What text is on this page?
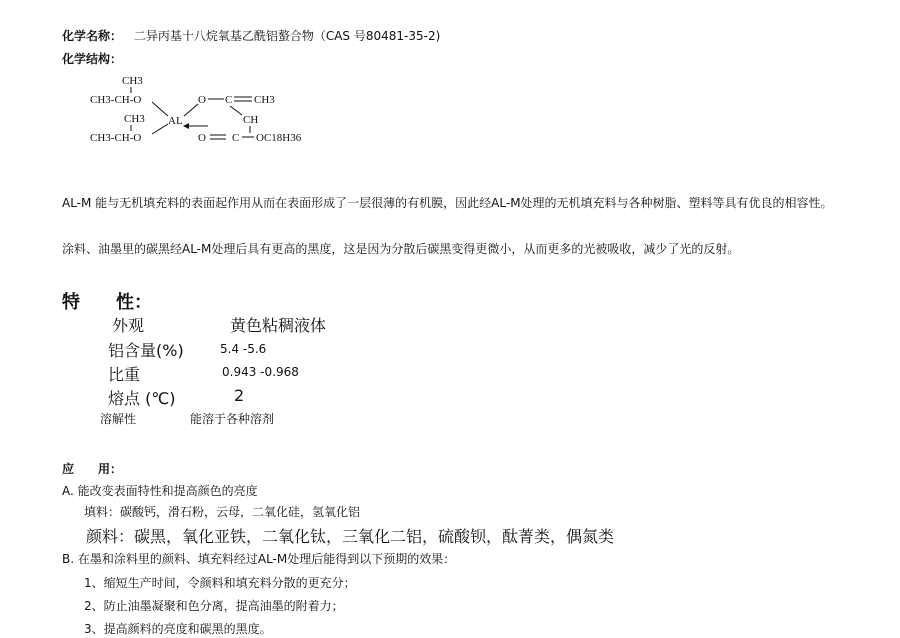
化学名称： 二异丙基十八烷氧基乙酰铝螯合物（CAS 号80481-35-2)
化学结构：
CH3
CH3-CH-O
CH3
CH3-CH-O
AL
O C CH3
CH
O C OC18H36
AL-M 能与无机填充料的表面起作用从而在表面形成了一层很薄的有机膜，因此经AL-M处理的无机填充料与各种树脂、塑料等具有优良的相容性。
涂料、油墨里的碳黑经AL-M处理后具有更高的黑度，这是因为分散后碳黑变得更微小，从而更多的光被吸收，减少了光的反射。
特　　性：
外观	黄色粘稠液体
铝含量(%)	5.4 -5.6
比重	0.943 -0.968
熔点 (℃)	2
溶解性	能溶于各种溶剂
应　　用：
A. 能改变表面特性和提高颜色的亮度
填料：碳酸钙，滑石粉，云母，二氧化硅，氢氧化铝
颜料：碳黑，氧化亚铁，二氧化钛，三氧化二铝，硫酸钡，酞菁类，偶氮类
B. 在墨和涂料里的颜料、填充料经过AL-M处理后能得到以下预期的效果：
1、缩短生产时间，令颜料和填充料分散的更充分；
2、防止油墨凝聚和色分离，提高油墨的附着力；
3、提高颜料的亮度和碳黑的黑度。
